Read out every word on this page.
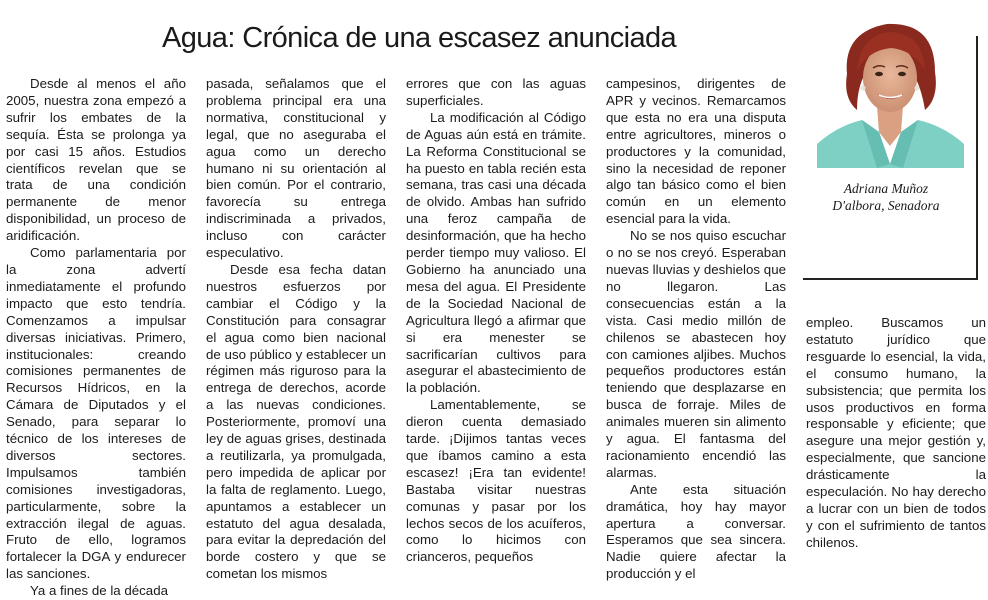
Agua: Crónica de una escasez anunciada

Desde al menos el año 2005, nuestra zona empezó a sufrir los embates de la sequía. Ésta se prolonga ya por casi 15 años. Estudios científicos revelan que se trata de una condición permanente de menor disponibilidad, un proceso de aridificación.

Como parlamentaria por la zona advertí inmediatamente el profundo impacto que esto tendría. Comenzamos a impulsar diversas iniciativas. Primero, institucionales: creando comisiones permanentes de Recursos Hídricos, en la Cámara de Diputados y el Senado, para separar lo técnico de los intereses de diversos sectores. Impulsamos también comisiones investigadoras, particularmente, sobre la extracción ilegal de aguas. Fruto de ello, logramos fortalecer la DGA y endurecer las sanciones.

Ya a fines de la década

pasada, señalamos que el problema principal era una normativa, constitucional y legal, que no aseguraba el agua como un derecho humano ni su orientación al bien común. Por el contrario, favorecía su entrega indiscriminada a privados, incluso con carácter especulativo.

Desde esa fecha datan nuestros esfuerzos por cambiar el Código y la Constitución para consagrar el agua como bien nacional de uso público y establecer un régimen más riguroso para la entrega de derechos, acorde a las nuevas condiciones. Posteriormente, promoví una ley de aguas grises, destinada a reutilizarla, ya promulgada, pero impedida de aplicar por la falta de reglamento. Luego, apuntamos a establecer un estatuto del agua desalada, para evitar la depredación del borde costero y que se cometan los mismos

errores que con las aguas superficiales.

La modificación al Código de Aguas aún está en trámite. La Reforma Constitucional se ha puesto en tabla recién esta semana, tras casi una década de olvido. Ambas han sufrido una feroz campaña de desinformación, que ha hecho perder tiempo muy valioso. El Gobierno ha anunciado una mesa del agua. El Presidente de la Sociedad Nacional de Agricultura llegó a afirmar que si era menester se sacrificarían cultivos para asegurar el abastecimiento de la población.

Lamentablemente, se dieron cuenta demasiado tarde. ¡Dijimos tantas veces que íbamos camino a esta escasez! ¡Era tan evidente! Bastaba visitar nuestras comunas y pasar por los lechos secos de los acuíferos, como lo hicimos con crianceros, pequeños

campesinos, dirigentes de APR y vecinos. Remarcamos que esta no era una disputa entre agricultores, mineros o productores y la comunidad, sino la necesidad de reponer algo tan básico como el bien común en un elemento esencial para la vida.

No se nos quiso escuchar o no se nos creyó. Esperaban nuevas lluvias y deshielos que no llegaron. Las consecuencias están a la vista. Casi medio millón de chilenos se abastecen hoy con camiones aljibes. Muchos pequeños productores están teniendo que desplazarse en busca de forraje. Miles de animales mueren sin alimento y agua. El fantasma del racionamiento encendió las alarmas.

Ante esta situación dramática, hoy hay mayor apertura a conversar. Esperamos que sea sincera. Nadie quiere afectar la producción y el

empleo. Buscamos un estatuto jurídico que resguarde lo esencial, la vida, el consumo humano, la subsistencia; que permita los usos productivos en forma responsable y eficiente; que asegure una mejor gestión y, especialmente, que sancione drásticamente la especulación. No hay derecho a lucrar con un bien de todos y con el sufrimiento de tantos chilenos.

Adriana Muñoz
D'albora, Senadora
